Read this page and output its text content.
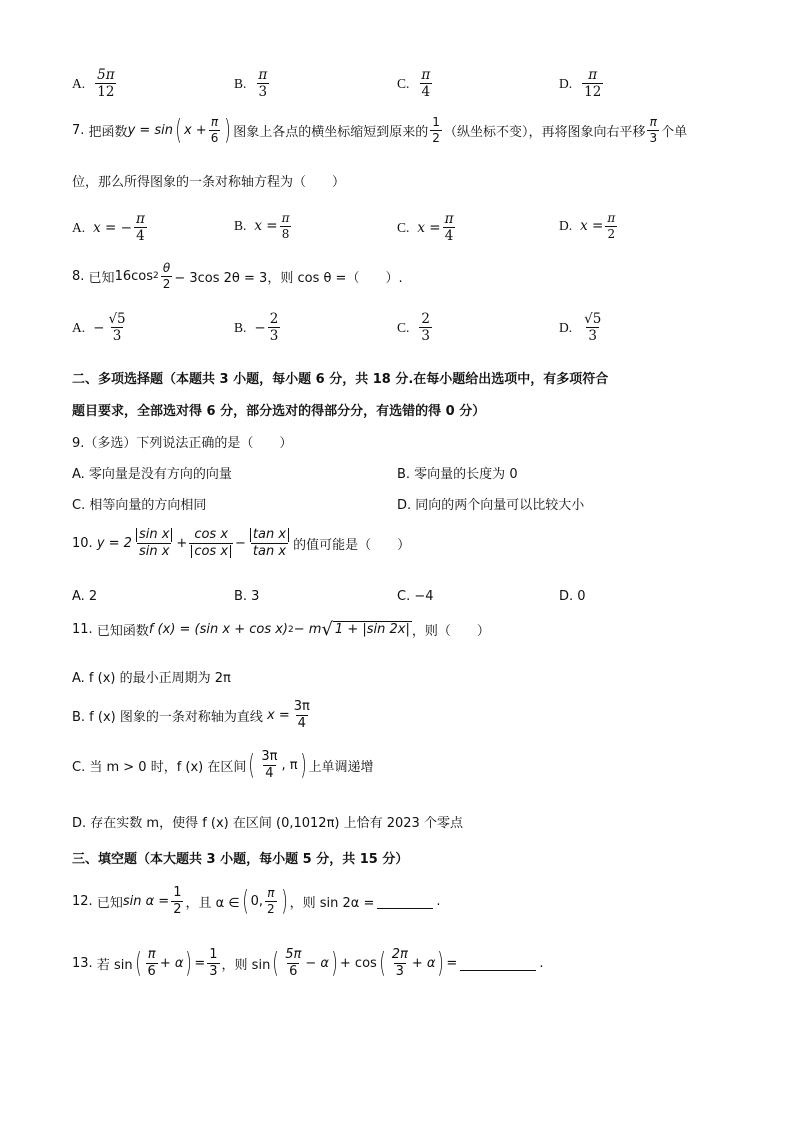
A. $\frac{5\pi}{12}$	B. $\frac{\pi}{3}$	C. $\frac{\pi}{4}$	D. $\frac{\pi}{12}$
7.
把函数 y = sin ( $x + \frac{\pi}{6}$ ) 图象上各点的横坐标缩短到原来的 $\frac{1}{2}$ （纵坐标不变），再将图象向右平移 $\frac{\pi}{3}$ 个单
位，那么所得图象的一条对称轴方程为（　　）
A. x = − $\frac{\pi}{4}$	B. $x = \frac{\pi}{8}$	C. $x = \frac{\pi}{4}$	D. $x = \frac{\pi}{2}$
8.
已知 16cos $2 \frac{\theta}{2} - 3\cos$ 2θ = 3，则
cos θ =（　　）.
A. − $\frac{√5}{3}$	B. − $\frac{2}{3}$	C. $\frac{2}{3}$	D. $\frac{√5}{3}$
二、多项选择题（本题共 3 小题，每小题 6 分，共 18 分.在每小题给出选项中，有多项符合
题目要求，全部选对得 6 分，部分选对的得部分分，有选错的得 0 分）
9.（多选）下列说法正确的是（　　）
A. 零向量是没有方向的向量	B. 零向量的长度为 0
C. 相等向量的方向相同	D. 同向的两个向量可以比较大小
10.
$y = 2 \frac{\text{sin x}}{\text{sin x}} + \frac{\text{cos x}}{\text{cos x}} - \frac{\text{tan x}}{\text{tan x}}$ 的值可能是（　　）
A. 2	B. 3	C. −4	D. 0
11.
已知函数 f (x) = (sin x + cos x) 2 − m √ 1 + |sin 2x| ，则（　　）
A. f (x) 的最小正周期为 2π
B. f (x) 图象的一条对称轴为直线
$x = \frac{3\pi}{4}$
C. 当 m > 0 时，f (x) 在区间 ( $\frac{3\pi}{4}$ , π ) 上单调递增
D. 存在实数 m，使得 f (x) 在区间 (0,1012π) 上恰有 2023 个零点
三、填空题（本大题共 3 小题，每小题 5 分，共 15 分）
12.
已知 $\sin \alpha = \frac{1}{2}$ ，且 α ∈ ( 0, $\frac{\pi}{2}$ ) ，则 sin 2α =	.
13.
若 sin ( $\frac{\pi}{6} + \alpha$ ) = $\frac{1}{3}$ ，则 sin ( $\frac{5\pi}{6} - \alpha$ ) + cos ( $\frac{2\pi}{3} + \alpha$ ) =	.
